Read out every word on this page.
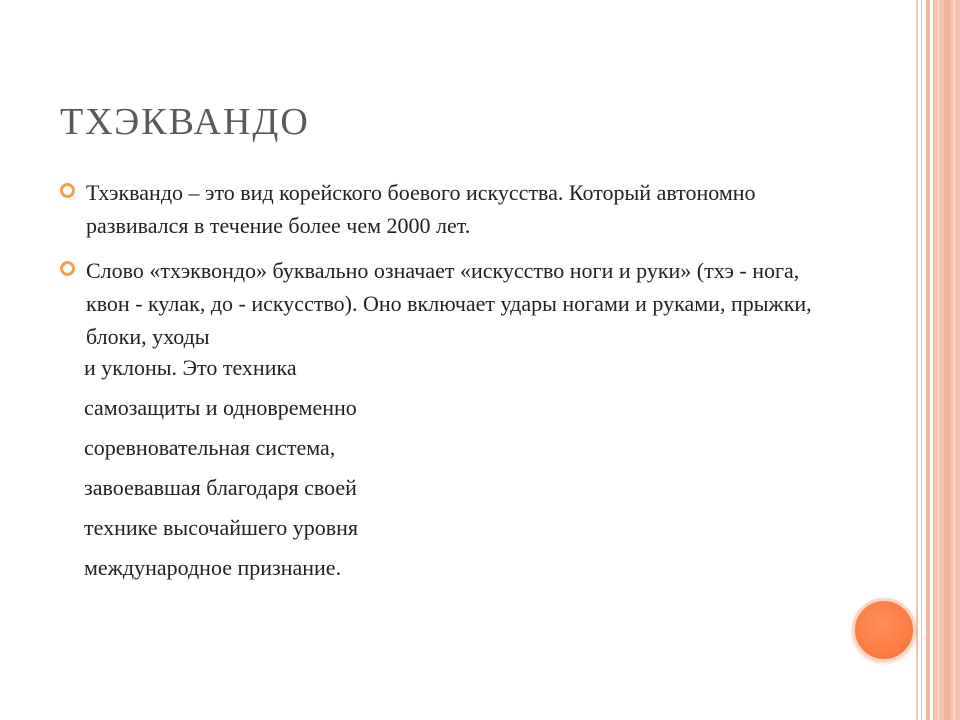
ТХЭКВАНДО
Тхэквандо – это вид корейского боевого искусства. Который автономно развивался в течение более чем 2000 лет.
Слово «тхэквондо» буквально означает «искусство ноги и руки» (тхэ - нога, квон - кулак, до - искусство). Оно включает удары ногами и руками, прыжки, блоки, уходы
и уклоны. Это техника
самозащиты и одновременно
соревновательная система,
завоевавшая благодаря своей
технике высочайшего уровня
международное признание.
